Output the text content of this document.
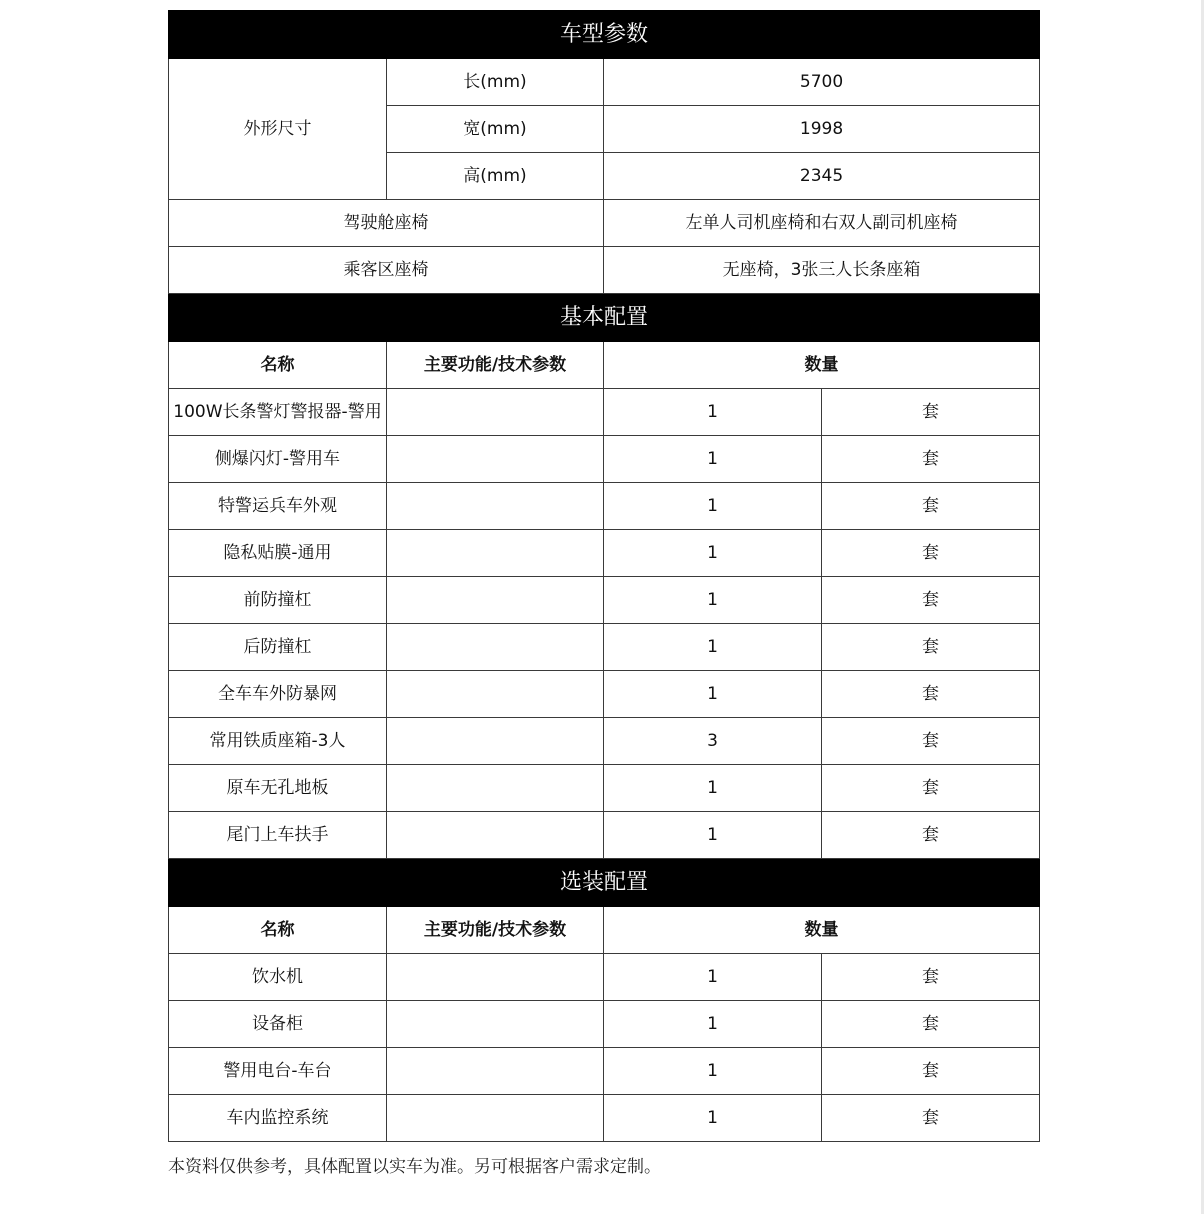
车型参数			
外形尺寸	长(mm)	5700	
	宽(mm)	1998	
	高(mm)	2345	
驾驶舱座椅		左单人司机座椅和右双人副司机座椅	
乘客区座椅		无座椅，3张三人长条座箱	
基本配置			
名称	主要功能/技术参数	数量	
100W长条警灯警报器-警用		1	套
侧爆闪灯-警用车		1	套
特警运兵车外观		1	套
隐私贴膜-通用		1	套
前防撞杠		1	套
后防撞杠		1	套
全车车外防暴网		1	套
常用铁质座箱-3人		3	套
原车无孔地板		1	套
尾门上车扶手		1	套
选装配置			
名称	主要功能/技术参数	数量	
饮水机		1	套
设备柜		1	套
警用电台-车台		1	套
车内监控系统		1	套
本资料仅供参考，具体配置以实车为准。另可根据客户需求定制。
